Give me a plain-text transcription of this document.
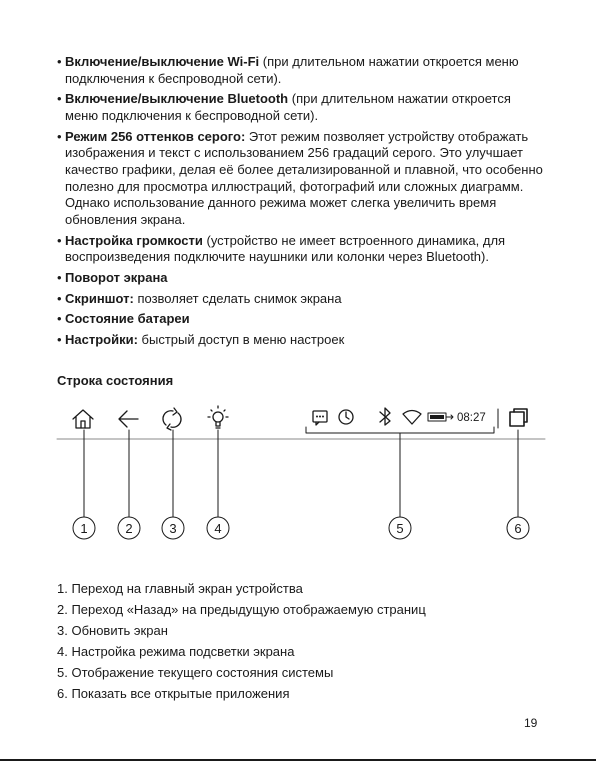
• Включение/выключение Wi-Fi (при длительном нажатии откроется меню подключения к беспроводной сети).
• Включение/выключение Bluetooth (при длительном нажатии откроется меню подключения к беспроводной сети).
• Режим 256 оттенков серого: Этот режим позволяет устройству отображать изображения и текст с использованием 256 градаций серого. Это улучшает качество графики, делая её более детализированной и плавной, что особенно полезно для просмотра иллюстраций, фотографий или сложных диаграмм. Однако использование данного режима может слегка увеличить время обновления экрана.
• Настройка громкости (устройство не имеет встроенного динамика, для воспроизведения подключите наушники или колонки через Bluetooth).
• Поворот экрана
• Скриншот: позволяет сделать снимок экрана
• Состояние батареи
• Настройки: быстрый доступ в меню настроек
Строка состояния
08:27
1	2	3	4	5	6
1. Переход на главный экран устройства
2. Переход «Назад» на предыдущую отображаемую страниц
3. Обновить экран
4. Настройка режима подсветки экрана
5. Отображение текущего состояния системы
6. Показать все открытые приложения
19
